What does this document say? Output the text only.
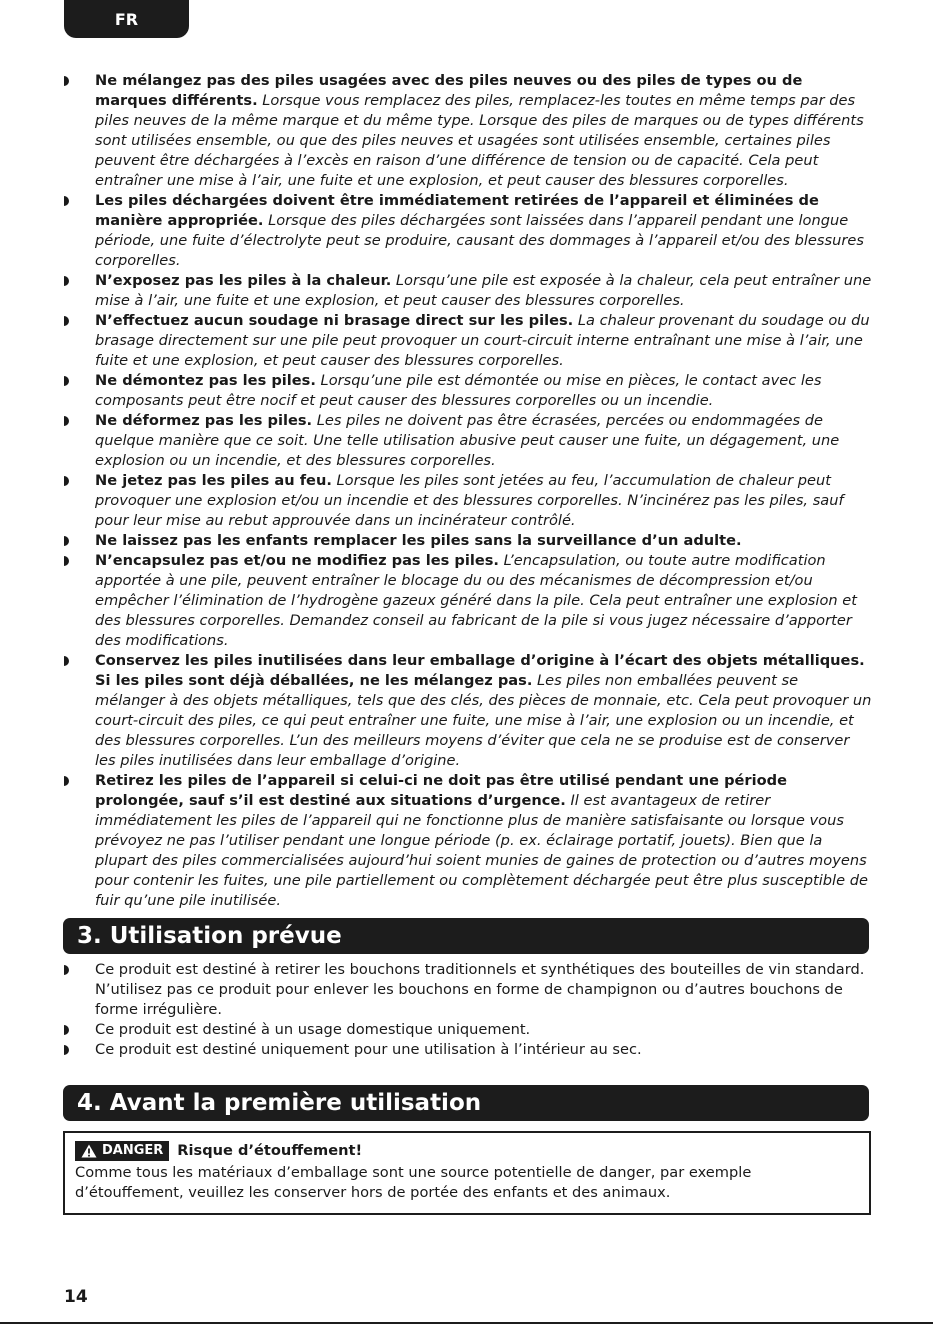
FR
Ne mélangez pas des piles usagées avec des piles neuves ou des piles de types ou de marques différents. Lorsque vous remplacez des piles, remplacez-les toutes en même temps par des piles neuves de la même marque et du même type. Lorsque des piles de marques ou de types différents sont utilisées ensemble, ou que des piles neuves et usagées sont utilisées ensemble, certaines piles peuvent être déchargées à l’excès en raison d’une différence de tension ou de capacité. Cela peut entraîner une mise à l’air, une fuite et une explosion, et peut causer des blessures corporelles.
Les piles déchargées doivent être immédiatement retirées de l’appareil et éliminées de manière appropriée. Lorsque des piles déchargées sont laissées dans l’appareil pendant une longue période, une fuite d’électrolyte peut se produire, causant des dommages à l’appareil et/ou des blessures corporelles.
N’exposez pas les piles à la chaleur. Lorsqu’une pile est exposée à la chaleur, cela peut entraîner une mise à l’air, une fuite et une explosion, et peut causer des blessures corporelles.
N’effectuez aucun soudage ni brasage direct sur les piles. La chaleur provenant du soudage ou du brasage directement sur une pile peut provoquer un court-circuit interne entraînant une mise à l’air, une fuite et une explosion, et peut causer des blessures corporelles.
Ne démontez pas les piles. Lorsqu’une pile est démontée ou mise en pièces, le contact avec les composants peut être nocif et peut causer des blessures corporelles ou un incendie.
Ne déformez pas les piles. Les piles ne doivent pas être écrasées, percées ou endommagées de quelque manière que ce soit. Une telle utilisation abusive peut causer une fuite, un dégagement, une explosion ou un incendie, et des blessures corporelles.
Ne jetez pas les piles au feu. Lorsque les piles sont jetées au feu, l’accumulation de chaleur peut provoquer une explosion et/ou un incendie et des blessures corporelles. N’incinérez pas les piles, sauf pour leur mise au rebut approuvée dans un incinérateur contrôlé.
Ne laissez pas les enfants remplacer les piles sans la surveillance d’un adulte.
N’encapsulez pas et/ou ne modifiez pas les piles. L’encapsulation, ou toute autre modification apportée à une pile, peuvent entraîner le blocage du ou des mécanismes de décompression et/ou empêcher l’élimination de l’hydrogène gazeux généré dans la pile. Cela peut entraîner une explosion et des blessures corporelles. Demandez conseil au fabricant de la pile si vous jugez nécessaire d’apporter des modifications.
Conservez les piles inutilisées dans leur emballage d’origine à l’écart des objets métalliques. Si les piles sont déjà déballées, ne les mélangez pas. Les piles non emballées peuvent se mélanger à des objets métalliques, tels que des clés, des pièces de monnaie, etc. Cela peut provoquer un court-circuit des piles, ce qui peut entraîner une fuite, une mise à l’air, une explosion ou un incendie, et des blessures corporelles. L’un des meilleurs moyens d’éviter que cela ne se produise est de conserver les piles inutilisées dans leur emballage d’origine.
Retirez les piles de l’appareil si celui-ci ne doit pas être utilisé pendant une période prolongée, sauf s’il est destiné aux situations d’urgence. Il est avantageux de retirer immédiatement les piles de l’appareil qui ne fonctionne plus de manière satisfaisante ou lorsque vous prévoyez ne pas l’utiliser pendant une longue période (p. ex. éclairage portatif, jouets). Bien que la plupart des piles commercialisées aujourd’hui soient munies de gaines de protection ou d’autres moyens pour contenir les fuites, une pile partiellement ou complètement déchargée peut être plus susceptible de fuir qu’une pile inutilisée.
3. Utilisation prévue
Ce produit est destiné à retirer les bouchons traditionnels et synthétiques des bouteilles de vin standard. N’utilisez pas ce produit pour enlever les bouchons en forme de champignon ou d’autres bouchons de forme irrégulière.
Ce produit est destiné à un usage domestique uniquement.
Ce produit est destiné uniquement pour une utilisation à l’intérieur au sec.
4. Avant la première utilisation
DANGER Risque d’étouffement!
Comme tous les matériaux d’emballage sont une source potentielle de danger, par exemple d’étouffement, veuillez les conserver hors de portée des enfants et des animaux.
14
